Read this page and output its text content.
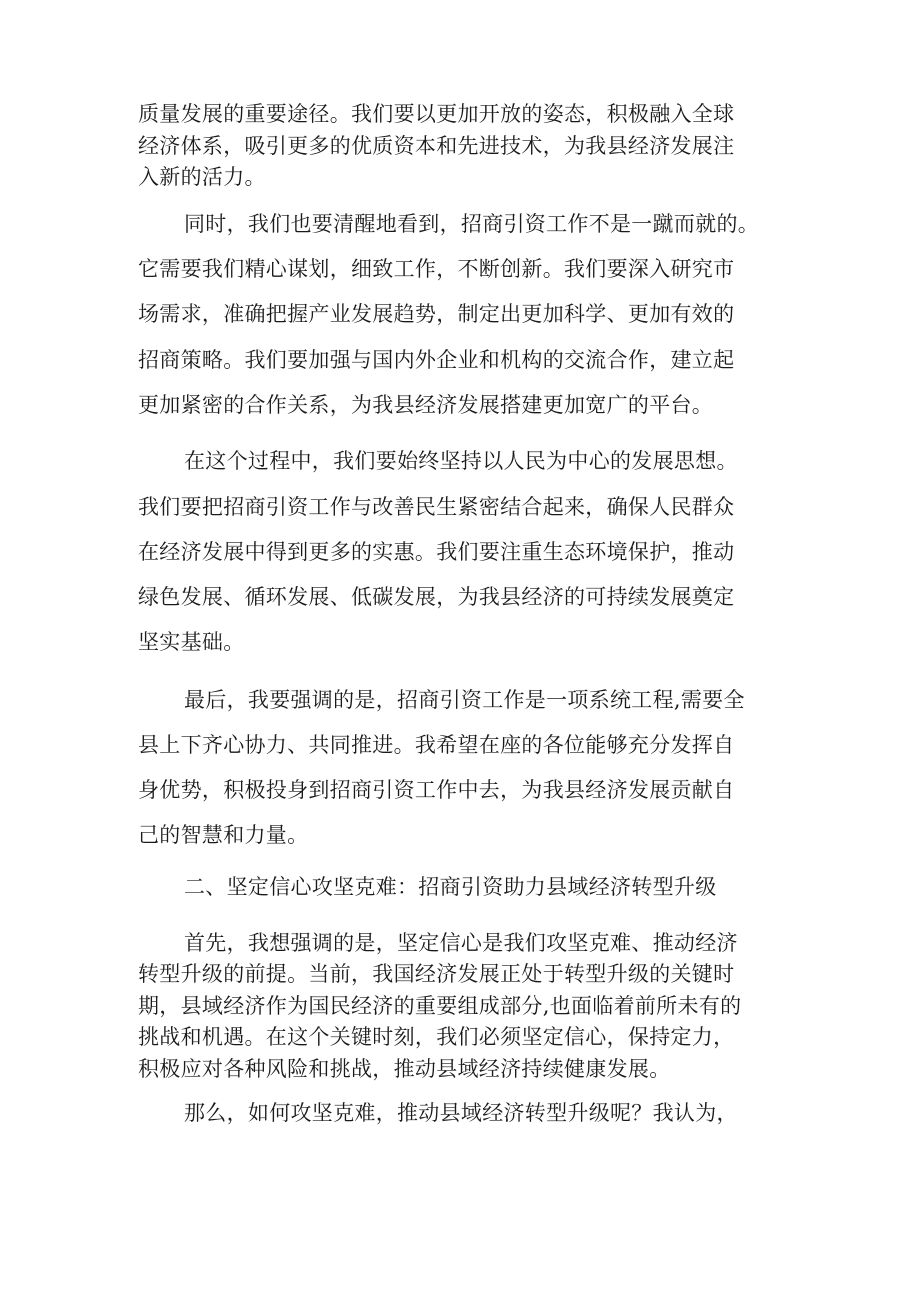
质量发展的重要途径。我们要以更加开放的姿态，积极融入全球
经济体系，吸引更多的优质资本和先进技术，为我县经济发展注
入新的活力。
同时，我们也要清醒地看到，招商引资工作不是一蹴而就的。
它需要我们精心谋划，细致工作，不断创新。我们要深入研究市
场需求，准确把握产业发展趋势，制定出更加科学、更加有效的
招商策略。我们要加强与国内外企业和机构的交流合作，建立起
更加紧密的合作关系，为我县经济发展搭建更加宽广的平台。
在这个过程中，我们要始终坚持以人民为中心的发展思想。
我们要把招商引资工作与改善民生紧密结合起来，确保人民群众
在经济发展中得到更多的实惠。我们要注重生态环境保护，推动
绿色发展、循环发展、低碳发展，为我县经济的可持续发展奠定
坚实基础。
最后，我要强调的是，招商引资工作是一项系统工程,需要全
县上下齐心协力、共同推进。我希望在座的各位能够充分发挥自
身优势，积极投身到招商引资工作中去，为我县经济发展贡献自
己的智慧和力量。
二、坚定信心攻坚克难：招商引资助力县域经济转型升级
首先，我想强调的是，坚定信心是我们攻坚克难、推动经济
转型升级的前提。当前，我国经济发展正处于转型升级的关键时
期，县域经济作为国民经济的重要组成部分,也面临着前所未有的
挑战和机遇。在这个关键时刻，我们必须坚定信心，保持定力，
积极应对各种风险和挑战，推动县域经济持续健康发展。
那么，如何攻坚克难，推动县域经济转型升级呢？我认为，
